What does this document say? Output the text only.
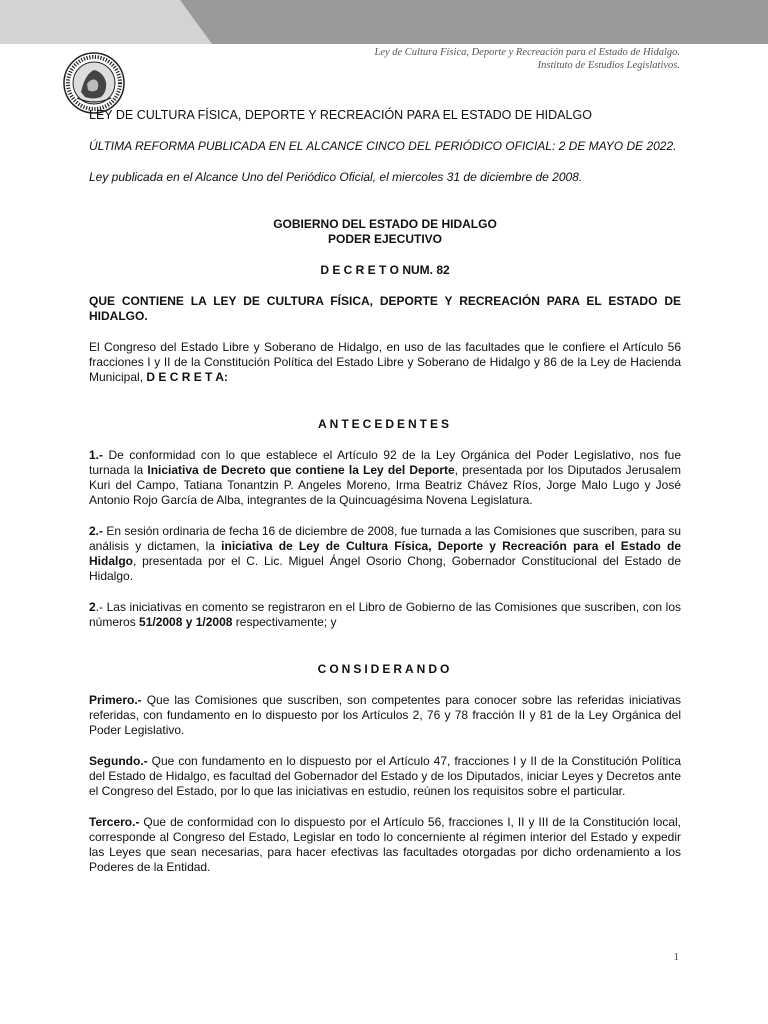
Ley de Cultura Física, Deporte y Recreación para el Estado de Hidalgo.
Instituto de Estudios Legislativos.

LEY DE CULTURA FÍSICA, DEPORTE Y RECREACIÓN PARA EL ESTADO DE HIDALGO

ÚLTIMA REFORMA PUBLICADA EN EL ALCANCE CINCO DEL PERIÓDICO OFICIAL: 2 DE MAYO DE 2022.

Ley publicada en el Alcance Uno del Periódico Oficial, el miercoles 31 de diciembre de 2008.

GOBIERNO DEL ESTADO DE HIDALGO

PODER EJECUTIVO

D E C R E T O NUM. 82

QUE CONTIENE LA LEY DE CULTURA FÍSICA, DEPORTE Y RECREACIÓN PARA EL ESTADO DE HIDALGO.

El Congreso del Estado Libre y Soberano de Hidalgo, en uso de las facultades que le confiere el Artículo 56 fracciones I y II de la Constitución Política del Estado Libre y Soberano de Hidalgo y 86 de la Ley de Hacienda Municipal, D E C R E T A:

ANTECEDENTES

1.- De conformidad con lo que establece el Artículo 92 de la Ley Orgánica del Poder Legislativo, nos fue turnada la Iniciativa de Decreto que contiene la Ley del Deporte, presentada por los Diputados Jerusalem Kuri del Campo, Tatiana Tonantzin P. Angeles Moreno, Irma Beatriz Chávez Ríos, Jorge Malo Lugo y José Antonio Rojo García de Alba, integrantes de la Quincuagésima Novena Legislatura.

2.- En sesión ordinaria de fecha 16 de diciembre de 2008, fue turnada a las Comisiones que suscriben, para su análisis y dictamen, la iniciativa de Ley de Cultura Física, Deporte y Recreación para el Estado de Hidalgo, presentada por el C. Lic. Miguel Ángel Osorio Chong, Gobernador Constitucional del Estado de Hidalgo.

2.- Las iniciativas en comento se registraron en el Libro de Gobierno de las Comisiones que suscriben, con los números 51/2008 y 1/2008 respectivamente; y

CONSIDERANDO

Primero.- Que las Comisiones que suscriben, son competentes para conocer sobre las referidas iniciativas referidas, con fundamento en lo dispuesto por los Artículos 2, 76 y 78 fracción II y 81 de la Ley Orgánica del Poder Legislativo.

Segundo.- Que con fundamento en lo dispuesto por el Artículo 47, fracciones I y II de la Constitución Política del Estado de Hidalgo, es facultad del Gobernador del Estado y de los Diputados, iniciar Leyes y Decretos ante el Congreso del Estado, por lo que las iniciativas en estudio, reúnen los requisitos sobre el particular.

Tercero.- Que de conformidad con lo dispuesto por el Artículo 56, fracciones I, II y III de la Constitución local, corresponde al Congreso del Estado, Legislar en todo lo concerniente al régimen interior del Estado y expedir las Leyes que sean necesarias, para hacer efectivas las facultades otorgadas por dicho ordenamiento a los Poderes de la Entidad.

1
